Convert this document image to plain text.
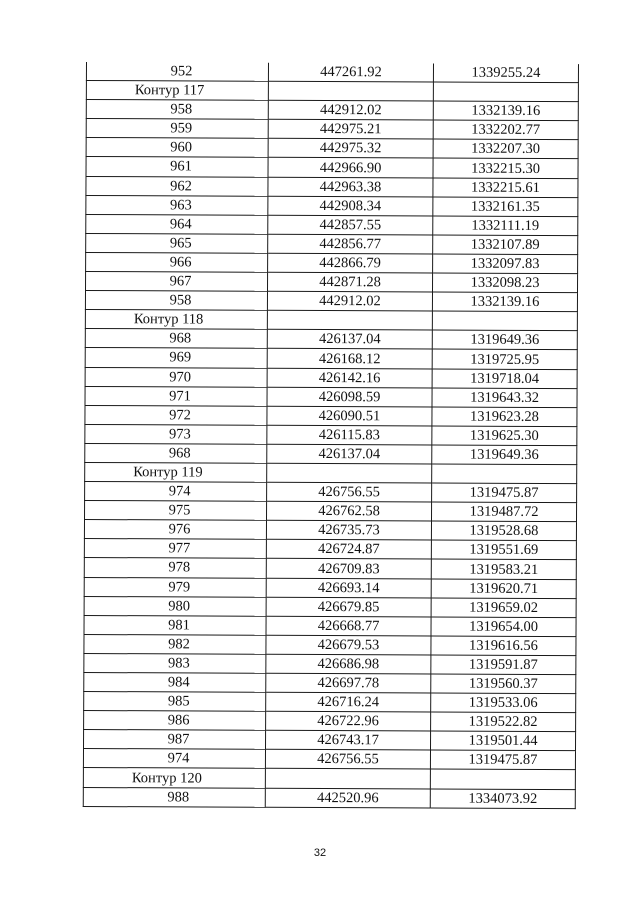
952	447261.92	1339255.24
Контур 117		
958	442912.02	1332139.16
959	442975.21	1332202.77
960	442975.32	1332207.30
961	442966.90	1332215.30
962	442963.38	1332215.61
963	442908.34	1332161.35
964	442857.55	1332111.19
965	442856.77	1332107.89
966	442866.79	1332097.83
967	442871.28	1332098.23
958	442912.02	1332139.16
Контур 118		
968	426137.04	1319649.36
969	426168.12	1319725.95
970	426142.16	1319718.04
971	426098.59	1319643.32
972	426090.51	1319623.28
973	426115.83	1319625.30
968	426137.04	1319649.36
Контур 119		
974	426756.55	1319475.87
975	426762.58	1319487.72
976	426735.73	1319528.68
977	426724.87	1319551.69
978	426709.83	1319583.21
979	426693.14	1319620.71
980	426679.85	1319659.02
981	426668.77	1319654.00
982	426679.53	1319616.56
983	426686.98	1319591.87
984	426697.78	1319560.37
985	426716.24	1319533.06
986	426722.96	1319522.82
987	426743.17	1319501.44
974	426756.55	1319475.87
Контур 120		
988	442520.96	1334073.92
32
